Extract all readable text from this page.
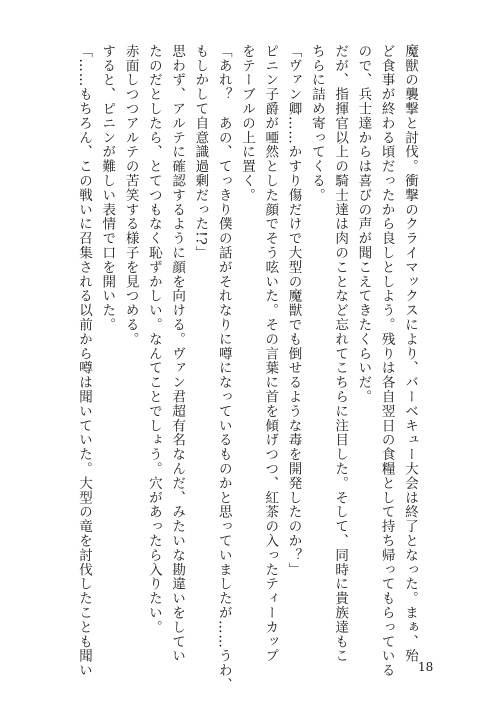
魔獣の襲撃と討伐。衝撃のクライマックスにより、バーベキュー大会は終了となった。まぁ、殆
ど食事が終わる頃だったから良しとしよう。残りは各自翌日の食糧として持ち帰ってもらっている
ので、兵士達からは喜びの声が聞こえてきたくらいだ。
だが、指揮官以上の騎士達は肉のことなど忘れてこちらに注目した。そして、同時に貴族達もこ
ちらに詰め寄ってくる。
「ヴァン卿……かすり傷だけで大型の魔獣でも倒せるような毒を開発したのか？」
ピニン子爵が唖然とした顔でそう呟いた。その言葉に首を傾げつつ、紅茶の入ったティーカップ
をテーブルの上に置く。
「あれ？　あの、てっきり僕の話がそれなりに噂になっているものかと思っていましたが……うわ、
もしかして自意識過剰だった!?」
思わず、アルテに確認するように顔を向ける。ヴァン君超有名なんだ、みたいな勘違いをしてい
たのだとしたら、とてつもなく恥ずかしい。なんてことでしょう。穴があったら入りたい。
赤面しつつアルテの苦笑する様子を見つめる。
すると、ピニンが難しい表情で口を開いた。
「……もちろん、この戦いに召集される以前から噂は聞いていた。大型の竜を討伐したことも聞い	18
